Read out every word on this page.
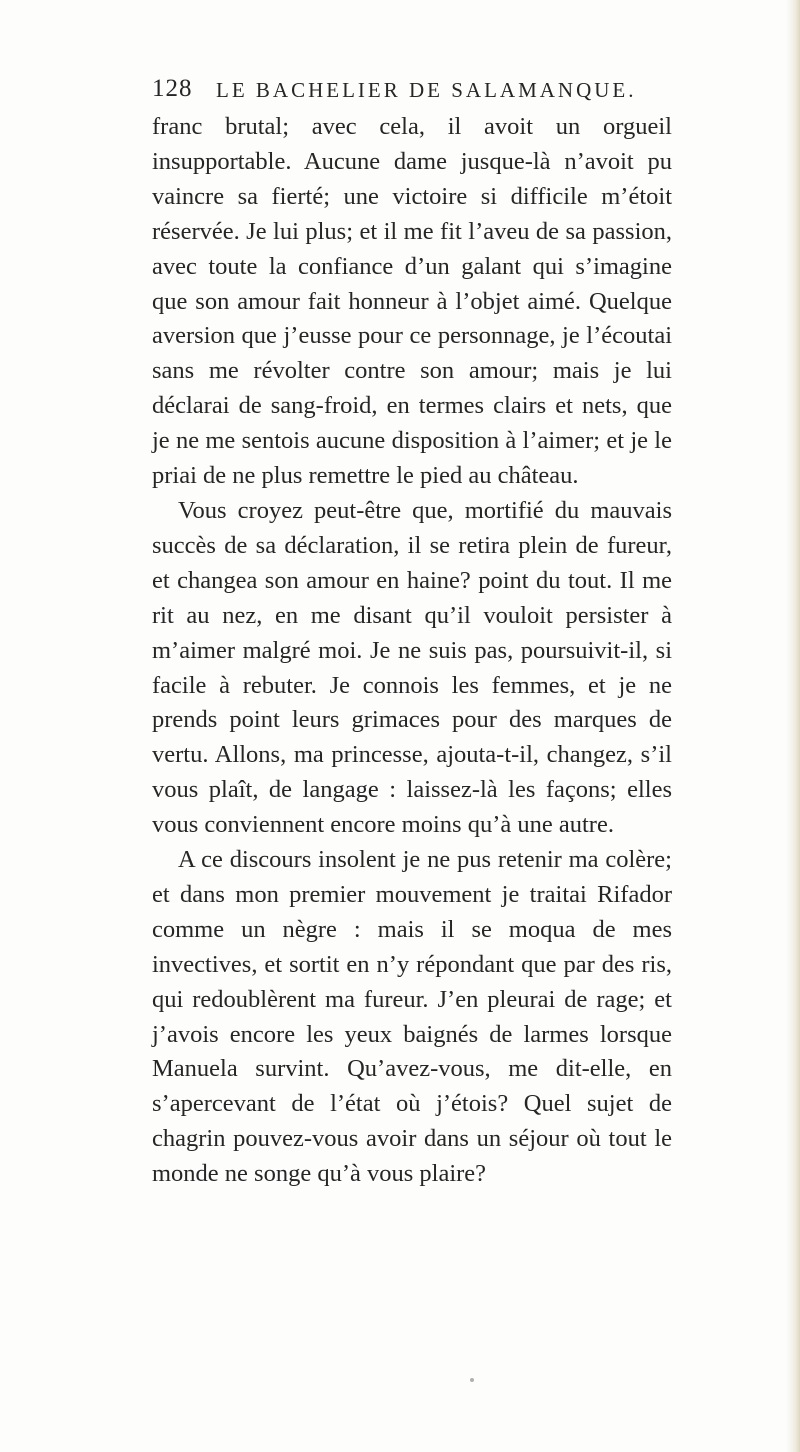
128 LE BACHELIER DE SALAMANQUE.

franc brutal; avec cela, il avoit un orgueil insupportable. Aucune dame jusque-là n’avoit pu vaincre sa fierté; une victoire si difficile m’étoit réservée. Je lui plus; et il me fit l’aveu de sa passion, avec toute la confiance d’un galant qui s’imagine que son amour fait honneur à l’objet aimé. Quelque aversion que j’eusse pour ce personnage, je l’écoutai sans me révolter contre son amour; mais je lui déclarai de sang-froid, en termes clairs et nets, que je ne me sentois aucune disposition à l’aimer; et je le priai de ne plus remettre le pied au château.

Vous croyez peut-être que, mortifié du mauvais succès de sa déclaration, il se retira plein de fureur, et changea son amour en haine? point du tout. Il me rit au nez, en me disant qu’il vouloit persister à m’aimer malgré moi. Je ne suis pas, poursuivit-il, si facile à rebuter. Je connois les femmes, et je ne prends point leurs grimaces pour des marques de vertu. Allons, ma princesse, ajouta-t-il, changez, s’il vous plaît, de langage : laissez-là les façons; elles vous conviennent encore moins qu’à une autre.

A ce discours insolent je ne pus retenir ma colère; et dans mon premier mouvement je traitai Rifador comme un nègre : mais il se moqua de mes invectives, et sortit en n’y répondant que par des ris, qui redoublèrent ma fureur. J’en pleurai de rage; et j’avois encore les yeux baignés de larmes lorsque Manuela survint. Qu’avez-vous, me dit-elle, en s’apercevant de l’état où j’étois? Quel sujet de chagrin pouvez-vous avoir dans un séjour où tout le monde ne songe qu’à vous plaire?
